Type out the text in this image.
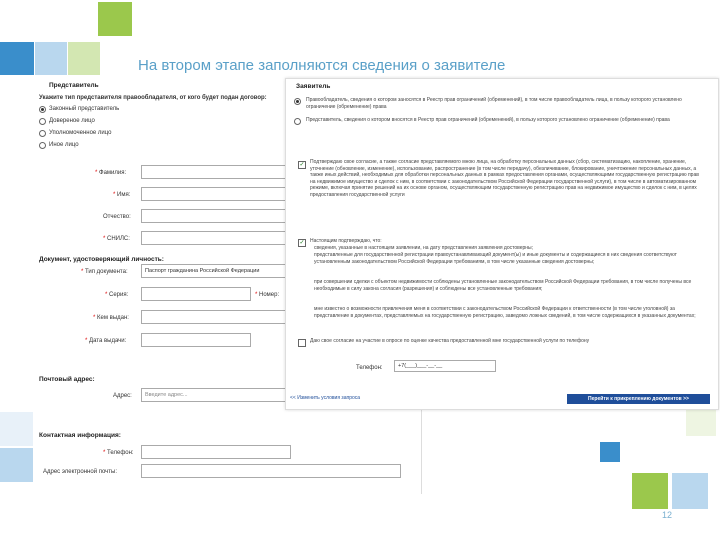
На втором этапе заполняются сведения о заявителе
Представитель
Укажите тип представителя правообладателя, от кого будет подан договор:
Законный представитель
Довереное лицо
Уполномоченное лицо
Иное лицо
* Фамилия:
* Имя:
Отчество:
* СНИЛС:
Документ, удостоверяющий личность:
* Тип документа:	Паспорт гражданина Российской Федерации
* Серия:	* Номер:
* Кем выдан:
* Дата выдачи:
Почтовый адрес:
Адрес:	Введите адрес...
Контактная информация:
* Телефон:
Адрес электронной почты:
Заявитель
Правообладатель, сведения о котором заносятся в Реестр прав ограничений (обременений), в том числе правообладатель лица, в пользу которого установлено ограничение (обременение) права
Представитель, сведения о котором вносятся в Реестр прав ограничений (обременений), в пользу которого установлено ограничение (обременение) права
✓ Подтверждаю свое согласие, а также согласие представляемого мною лица, на обработку персональных данных (сбор, систематизацию, накопление, хранение, уточнение (обновление, изменение), использование, распространение (в том числе передачу), обезличивание, блокирование, уничтожение персональных данных, а также иных действий, необходимых для обработки персональных данных в рамках предоставления органами, осуществляющими государственную регистрацию прав на недвижимое имущество и сделок с ним, в соответствии с законодательством Российской Федерации государственной услуги), в том числе в автоматизированном режиме, включая принятие решений на их основе органом, осуществляющим государственную регистрацию прав на недвижимое имущество и сделок с ним, в целях предоставления государственной услуги
✓ Настоящим подтверждаю, что:
сведения, указанные в настоящем заявлении, на дату представления заявления достоверны;
представленные для государственной регистрации правоустанавливающий документ(ы) и иные документы и содержащиеся в них сведения соответствуют установленным законодательством Российской Федерации требованиям, в том числе указанные сведения достоверны;
при совершении сделки с объектом недвижимости соблюдены установленные законодательством Российской Федерации требования, в том числе получены все необходимые в силу закона согласия (разрешения) и соблюдены все установленные требования;
мне известно о возможности привлечения меня в соответствии с законодательством Российской Федерации к ответственности (в том числе уголовной) за представление в документах, представляемых на государственную регистрацию, заведомо ложных сведений, в том числе содержащихся в указанных документах;
Даю свое согласие на участие в опросе по оценке качества предоставленной мне государственной услуги по телефону
Телефон:	+7(___)___-__-__
<< Изменить условия запроса	Перейти к прикреплению документов >>
12
